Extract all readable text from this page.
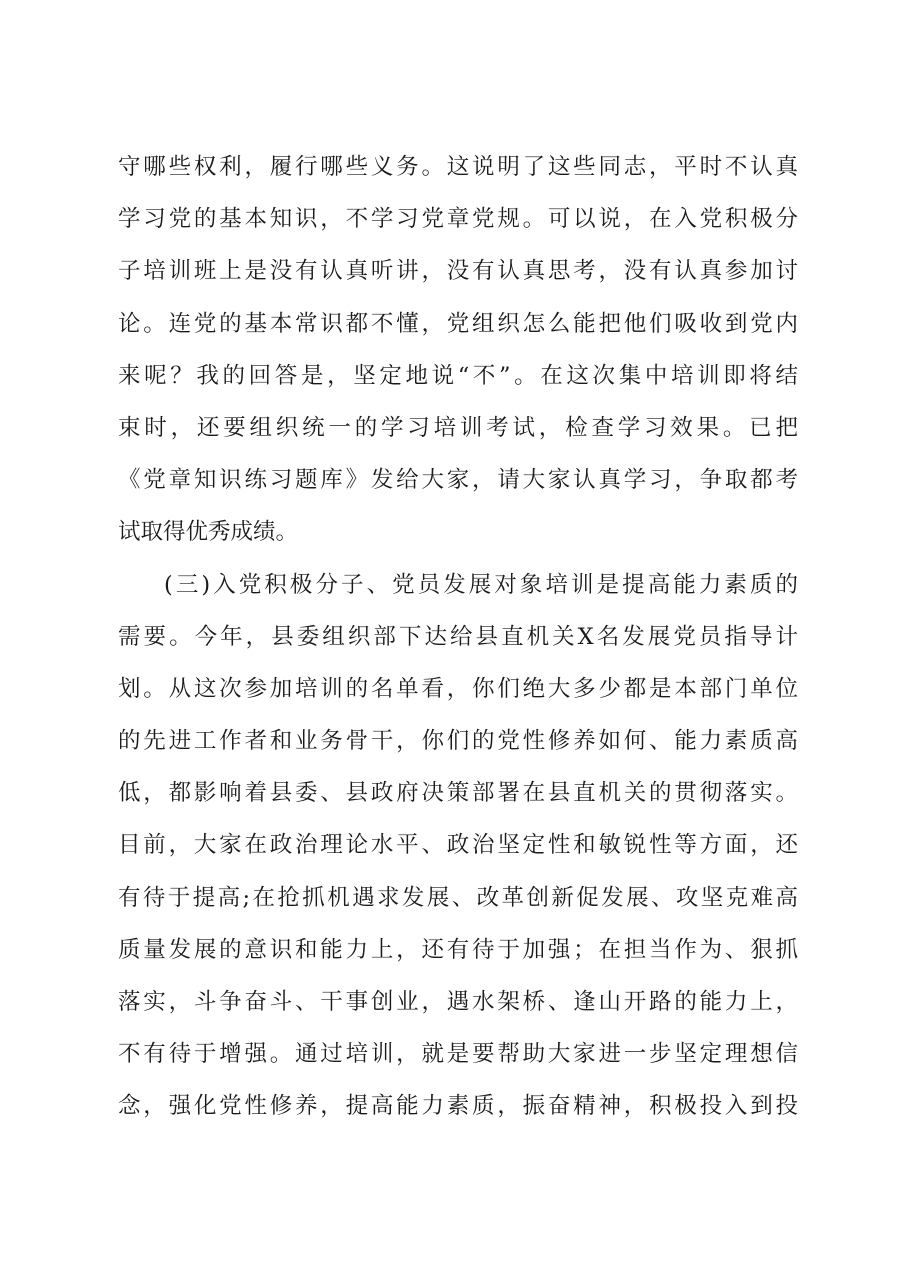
守哪些权利，履行哪些义务。这说明了这些同志，平时不认真
学习党的基本知识，不学习党章党规。可以说，在入党积极分
子培训班上是没有认真听讲，没有认真思考，没有认真参加讨
论。连党的基本常识都不懂，党组织怎么能把他们吸收到党内
来呢？我的回答是，坚定地说“不”。在这次集中培训即将结
束时，还要组织统一的学习培训考试，检查学习效果。已把
《党章知识练习题库》发给大家，请大家认真学习，争取都考
试取得优秀成绩。
(三)入党积极分子、党员发展对象培训是提高能力素质的
需要。今年，县委组织部下达给县直机关X名发展党员指导计
划。从这次参加培训的名单看，你们绝大多少都是本部门单位
的先进工作者和业务骨干，你们的党性修养如何、能力素质高
低，都影响着县委、县政府决策部署在县直机关的贯彻落实。
目前，大家在政治理论水平、政治坚定性和敏锐性等方面，还
有待于提高;在抢抓机遇求发展、改革创新促发展、攻坚克难高
质量发展的意识和能力上，还有待于加强；在担当作为、狠抓
落实，斗争奋斗、干事创业，遇水架桥、逢山开路的能力上，
不有待于增强。通过培训，就是要帮助大家进一步坚定理想信
念，强化党性修养，提高能力素质，振奋精神，积极投入到投
